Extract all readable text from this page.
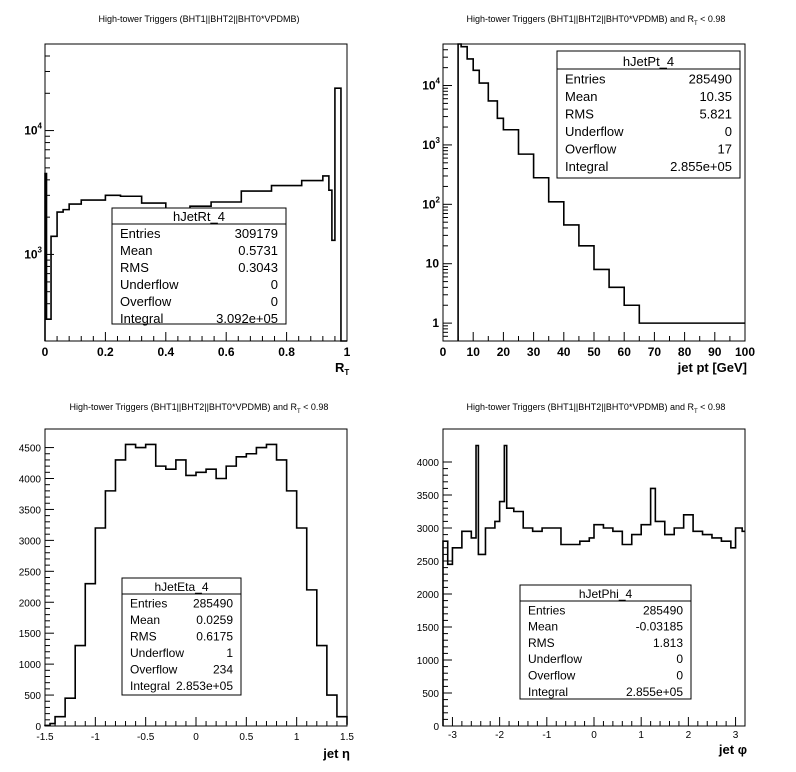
High-tower Triggers (BHT1||BHT2||BHT0*VPDMB)
0	0.2	0.4	0.6	0.8	1
$10^3$
$10^4$
$R_T$
hJetRt_4
Entries	309179
Mean	0.5731
RMS	0.3043
Underflow	0
Overflow	0
Integral	3.092e+05
High-tower Triggers (BHT1||BHT2||BHT0*VPDMB) and $R_T < 0.98$
0 10 20 30 40 50 60 70 80 90 100
1
10
$10^2$
$10^3$
$10^4$
jet pt [GeV]
hJetPt_4
Entries	285490
Mean	10.35
RMS	5.821
Underflow	0
Overflow	17
Integral	2.855e+05
High-tower Triggers (BHT1||BHT2||BHT0*VPDMB) and $R_T < 0.98$
-1.5	-1	-0.5	0	0.5	1	1.5
0
500
1000
1500
2000
2500
3000
3500
4000
4500
jet η
hJetEta_4
Entries 285490
Mean	0.0259
RMS	0.6175
Underflow	1
Overflow	234
Integral 2.853e+05
High-tower Triggers (BHT1||BHT2||BHT0*VPDMB) and $R_T < 0.98$
-3	-2	-1	0	1	2	3
0
500
1000
1500
2000
2500
3000
3500
4000
jet φ
hJetPhi_4
Entries	285490
Mean	-0.03185
RMS	1.813
Underflow	0
Overflow	0
Integral	2.855e+05
